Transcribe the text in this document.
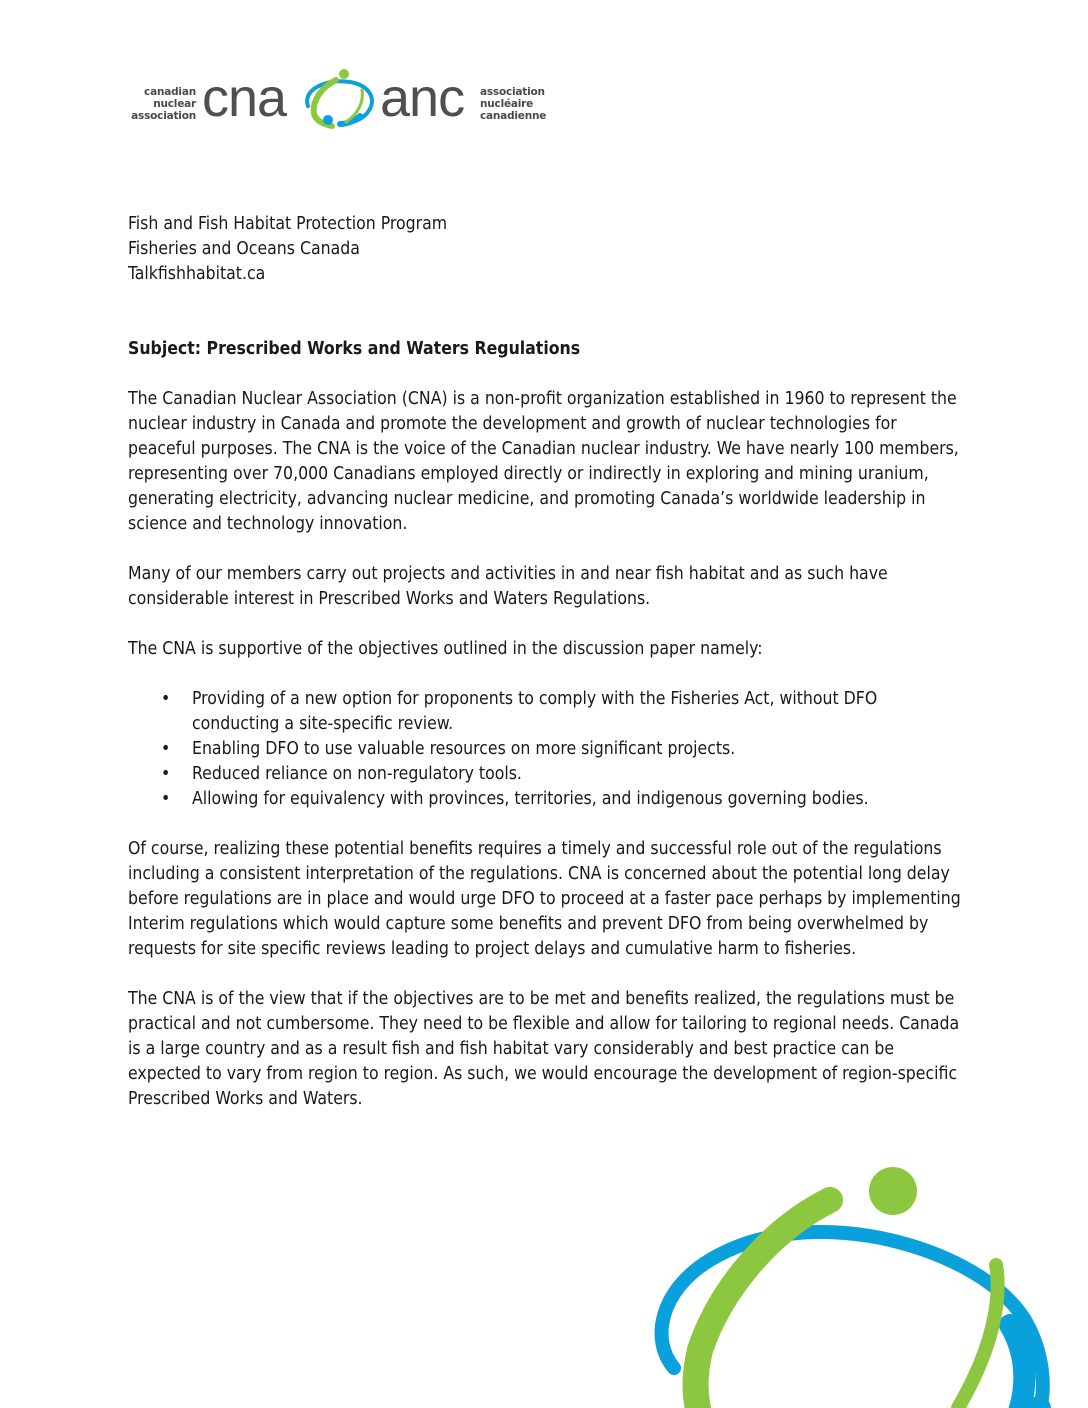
canadian
nuclear
association cna anc association
nucléaire
canadienne

Fish and Fish Habitat Protection Program
Fisheries and Oceans Canada
Talkfishhabitat.ca

Subject: Prescribed Works and Waters Regulations

The Canadian Nuclear Association (CNA) is a non-profit organization established in 1960 to represent the nuclear industry in Canada and promote the development and growth of nuclear technologies for peaceful purposes. The CNA is the voice of the Canadian nuclear industry. We have nearly 100 members, representing over 70,000 Canadians employed directly or indirectly in exploring and mining uranium, generating electricity, advancing nuclear medicine, and promoting Canada’s worldwide leadership in science and technology innovation.

Many of our members carry out projects and activities in and near fish habitat and as such have considerable interest in Prescribed Works and Waters Regulations.

The CNA is supportive of the objectives outlined in the discussion paper namely:

• Providing of a new option for proponents to comply with the Fisheries Act, without DFO conducting a site-specific review.
• Enabling DFO to use valuable resources on more significant projects.
• Reduced reliance on non-regulatory tools.
• Allowing for equivalency with provinces, territories, and indigenous governing bodies.

Of course, realizing these potential benefits requires a timely and successful role out of the regulations including a consistent interpretation of the regulations. CNA is concerned about the potential long delay before regulations are in place and would urge DFO to proceed at a faster pace perhaps by implementing Interim regulations which would capture some benefits and prevent DFO from being overwhelmed by requests for site specific reviews leading to project delays and cumulative harm to fisheries.

The CNA is of the view that if the objectives are to be met and benefits realized, the regulations must be practical and not cumbersome. They need to be flexible and allow for tailoring to regional needs. Canada is a large country and as a result fish and fish habitat vary considerably and best practice can be expected to vary from region to region. As such, we would encourage the development of region-specific Prescribed Works and Waters.
